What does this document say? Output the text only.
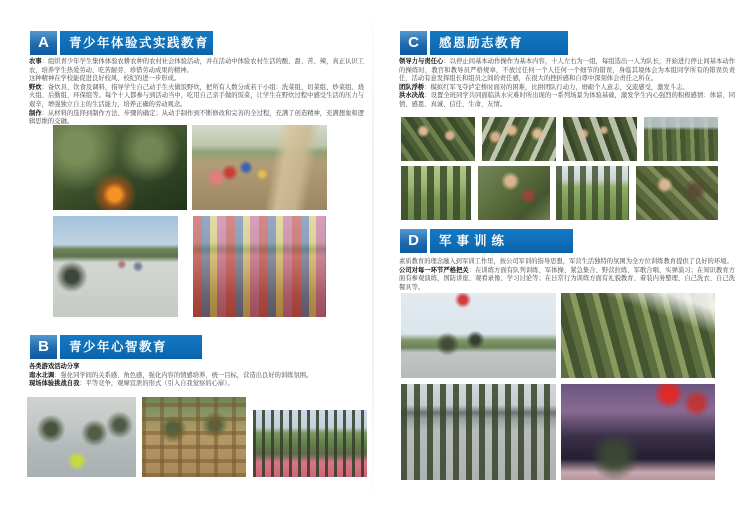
A	青少年体验式实践教育

农事：组织青少年学生集体体验农耕农种的农村社会体验活动，并在活动中体验农村生活的酸、甜、苦、辣，真正认识工农，培养学生热爱劳动、吃苦耐劳、珍惜劳动成果的精神。

这种精神在学校能促进良好校风、校纪的进一步形成。

野炊：备炊具、饮食及调料，指导学生自己动手生火做饭野炊，把所有人数分成若干小组：洗菜组、切菜组、炒菜组、烧火组、后勤组、环保组等。每个十人都参与到活动当中，吃用自己亲手做的饭菜，让学生在野炊过程中感受生活的压力与艰辛，增强独立自主的生活能力，培养正确的劳动观念。

制作：从材料的选择到制作方法、步骤的确定；从动手制作到不断修改和完善的全过程，充满了创造精神，充满想象和逻辑思维的交融。

B	青少年心智教育

各类游戏活动分享

南水北调：强化同学间的关系感、角色感，强化内容的情感培养，统一目标，营造出良好的训练氛围。

现场体验挑战自我：平等竞争，观摩宣泄的形式（引入自我觉察的心扉）。

C	感恩励志教育

领导力与责任心：以停止间基本动作操作为基本内容，十人左右为一组，每组选出一人为队长，开始进行停止间基本动作的操练时，教官和教导员严格规章，不放过任何一个人任何一个细节的错误，身临其境体会为本组同学所有的错误负责任，活动有意发挥组长和组员之间的责任感，在很大的挫折感和自尊中深刻体会责任之所在。

团队浮桥：模拟红军飞夺泸定桥时面对的困难，比拼团队行动力，磨砺个人意志，交流感受，激发斗志。

洪水决战：设置全班同学共同面临洪水灾难时所出现的一系列场景为体验基础，激发学生内心强烈的积极感情：体谅、同情、感恩、真诚、信任、生命、友情。

D	军事训练

素质教育的理念融入到军训工作里，按公司军训的指导思想，军营生活独特的氛围为全方位训练教育提供了良好的环境。

公司对每一环节严格把关：在训练方面有队列训练、军体操、紧急集合、野营拉练、军歌合唱、实弹演习；在知识教育方面有参观演练、国防讲座、观看录像、学习讨论等；在日常行为训练方面有礼貌教育、着装内务整理、自己洗衣、自己洗餐具等。
